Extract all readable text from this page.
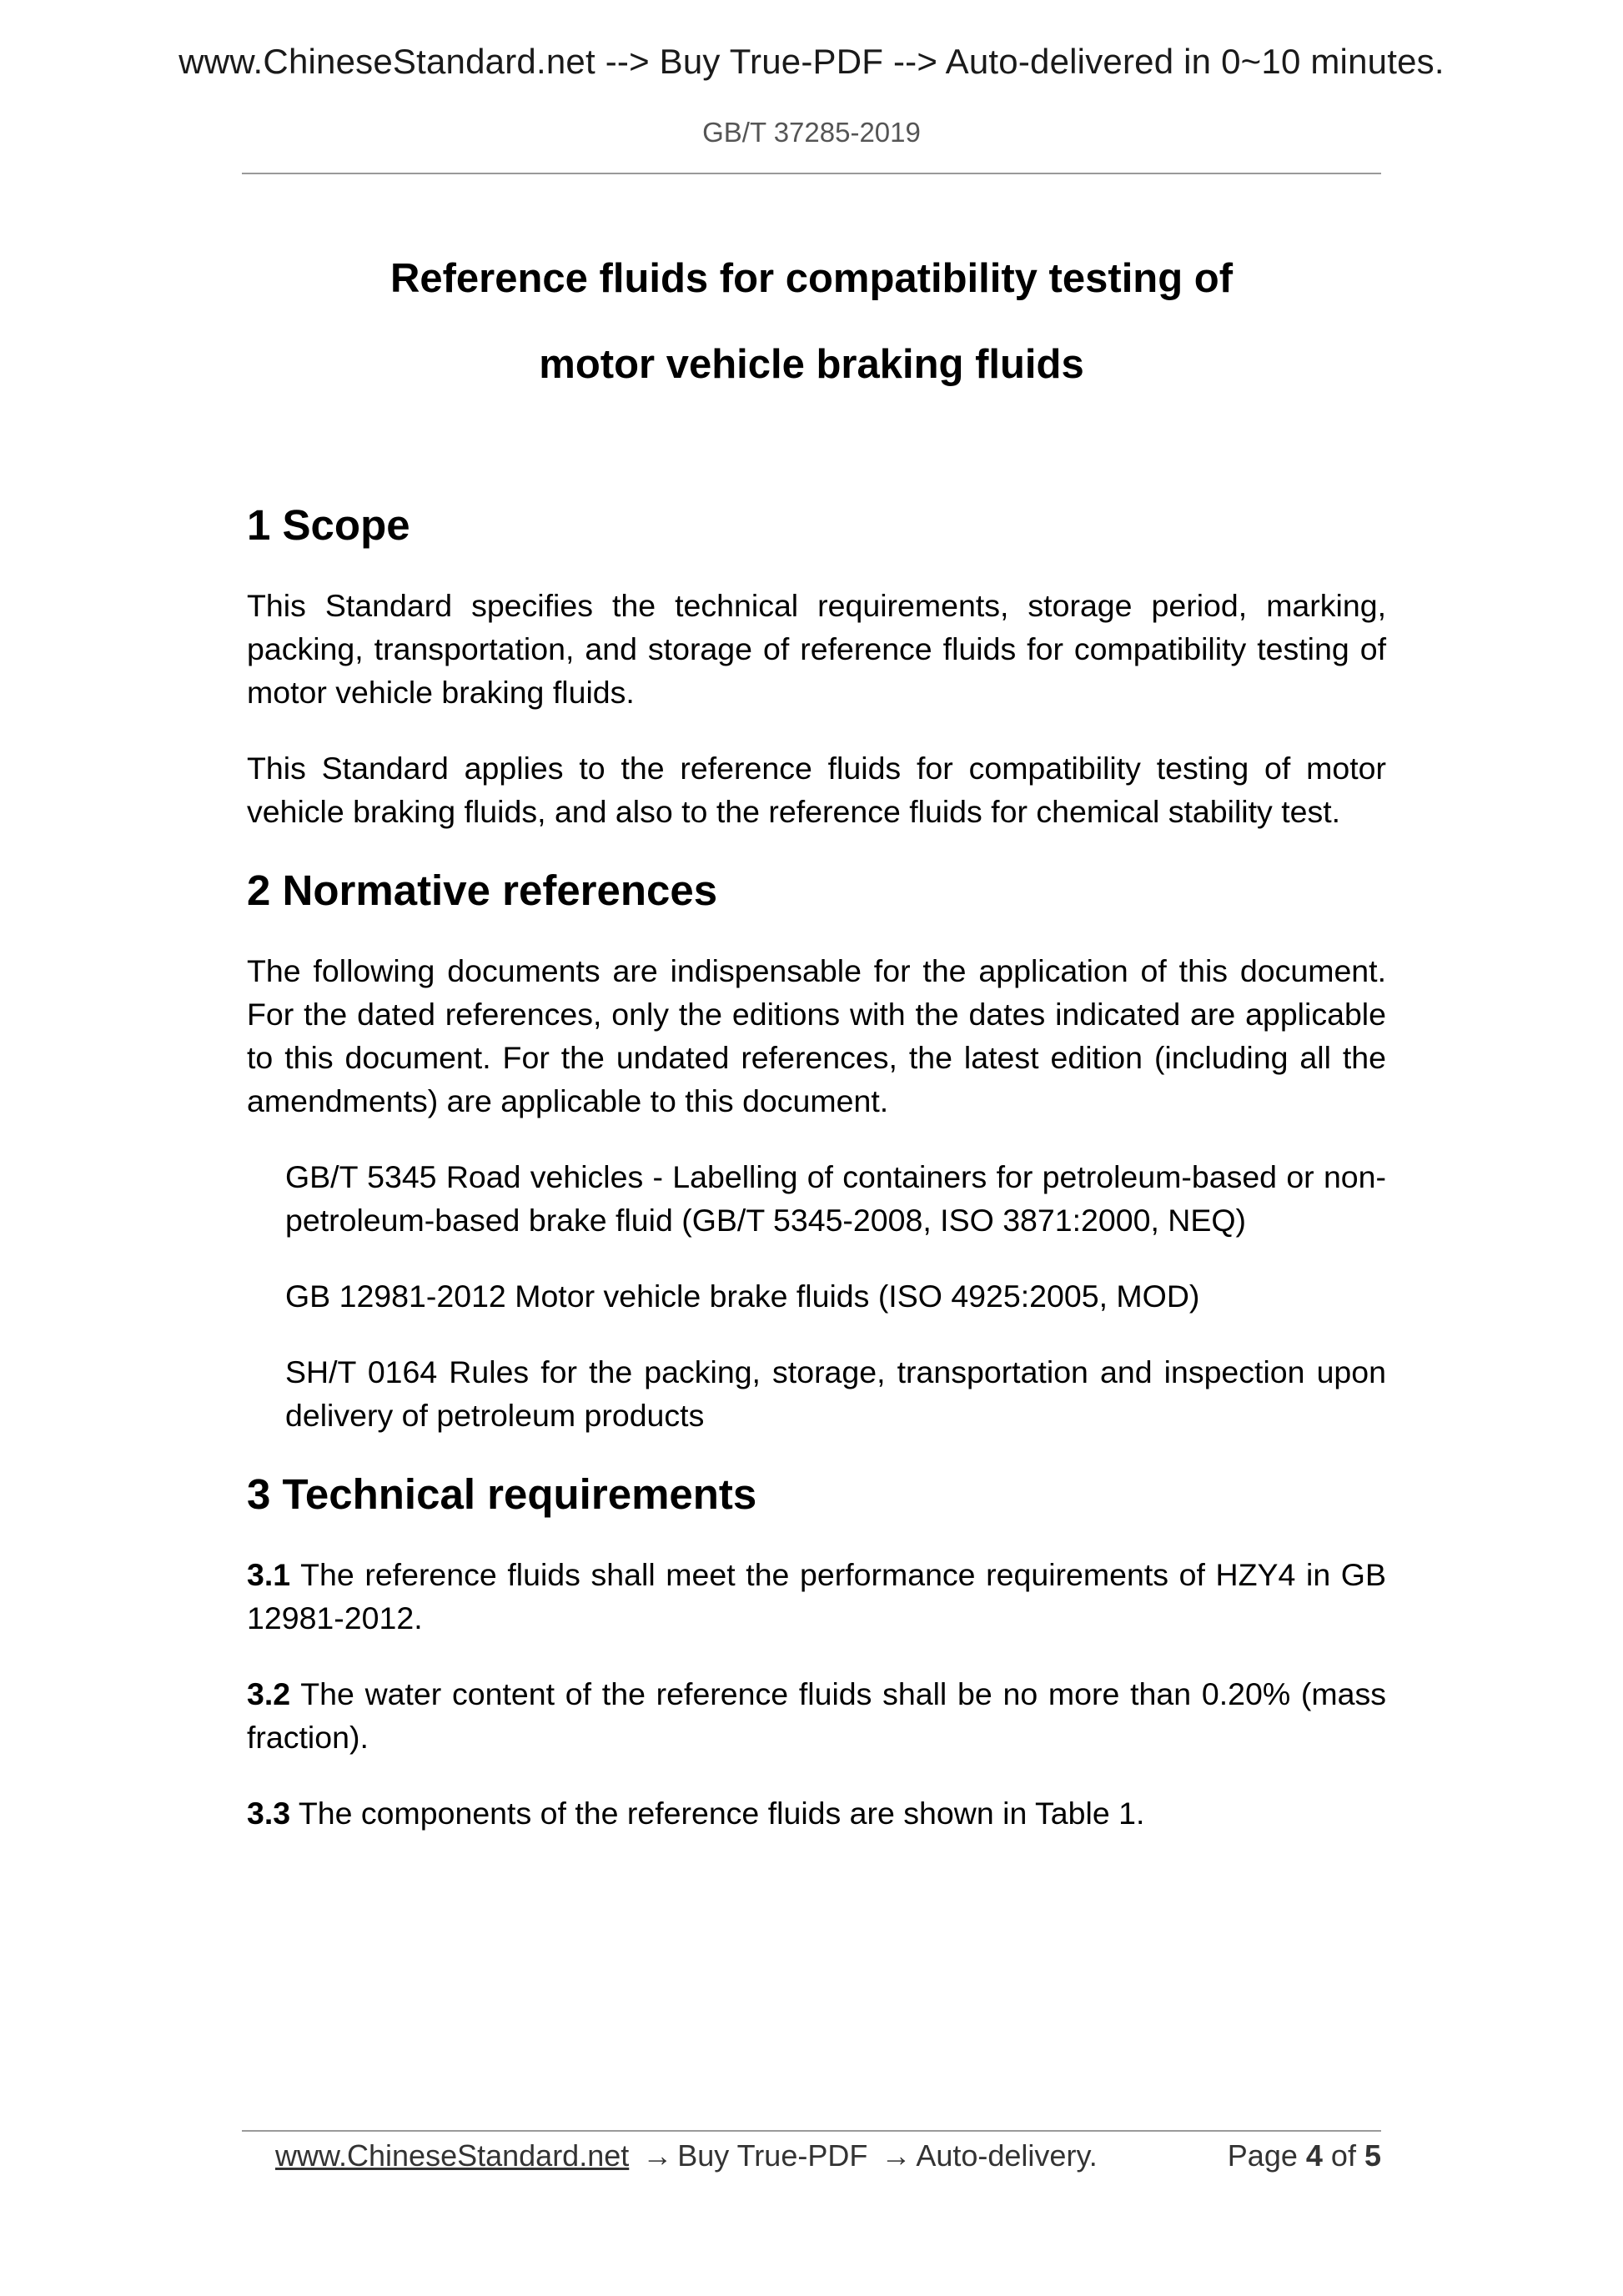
www.ChineseStandard.net --> Buy True-PDF --> Auto-delivered in 0~10 minutes.
GB/T 37285-2019
Reference fluids for compatibility testing of
motor vehicle braking fluids
1 Scope

This Standard specifies the technical requirements, storage period, marking, packing, transportation, and storage of reference fluids for compatibility testing of motor vehicle braking fluids.

This Standard applies to the reference fluids for compatibility testing of motor vehicle braking fluids, and also to the reference fluids for chemical stability test.

2 Normative references

The following documents are indispensable for the application of this document. For the dated references, only the editions with the dates indicated are applicable to this document. For the undated references, the latest edition (including all the amendments) are applicable to this document.

GB/T 5345 Road vehicles - Labelling of containers for petroleum-based or non-petroleum-based brake fluid (GB/T 5345-2008, ISO 3871:2000, NEQ)

GB 12981-2012 Motor vehicle brake fluids (ISO 4925:2005, MOD)

SH/T 0164 Rules for the packing, storage, transportation and inspection upon delivery of petroleum products

3 Technical requirements

3.1 The reference fluids shall meet the performance requirements of HZY4 in GB 12981-2012.

3.2 The water content of the reference fluids shall be no more than 0.20% (mass fraction).

3.3 The components of the reference fluids are shown in Table 1.

www.ChineseStandard.net → Buy True-PDF → Auto-delivery.	Page 4 of 5
